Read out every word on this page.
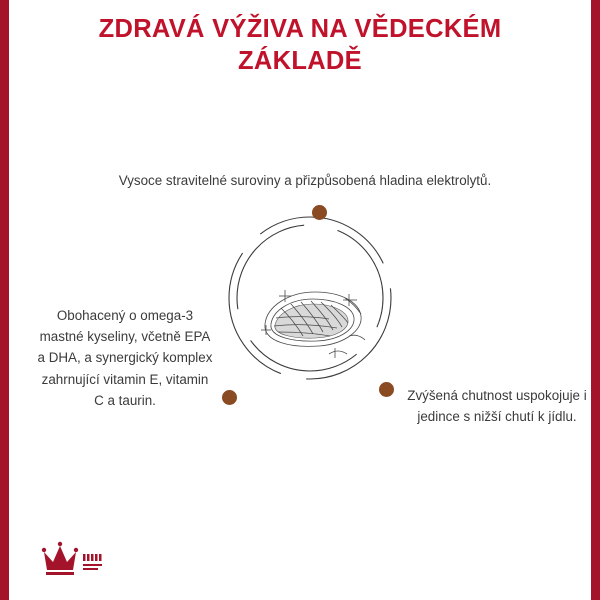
ZDRAVÁ VÝŽIVA NA VĚDECKÉM ZÁKLADĚ
Vysoce stravitelné suroviny a přizpůsobená hladina elektrolytů.
Obohacený o omega-3 mastné kyseliny, včetně EPA a DHA, a synergický komplex zahrnující vitamin E, vitamin C a taurin.	Zvýšená chutnost uspokojuje i jedince s nižší chutí k jídlu.
